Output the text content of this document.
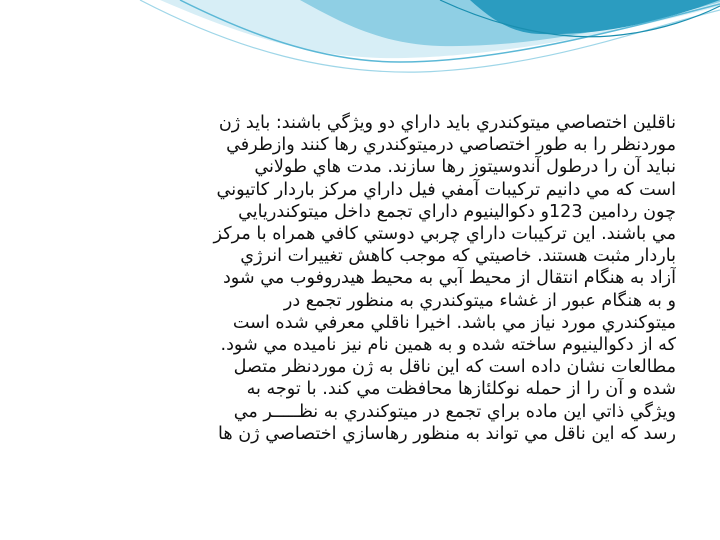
ناقلين اختصاصي ميتوكندري بايد داراي دو ويژگي باشند: بايد ژن
موردنظر را به طور اختصاصي درميتوكندري رها كنند وازطرفي
نبايد آن را درطول آندوسيتوز رها سازند. مدت هاي طولاني
است كه مي دانيم تركيبات آمفي فيل داراي مركز باردار كاتيوني
چون ردامين 123و دكوالينيوم داراي تجمع داخل ميتوكندريايي
مي باشند. اين تركيبات داراي چربي دوستي كافي همراه با مركز
باردار مثبت هستند. خاصيتي كه موجب كاهش تغييرات انرژي
آزاد به هنگام انتقال از محيط آبي به محيط هيدروفوب مي شود
و به هنگام عبور از غشاء ميتوكندري به منظور تجمع در
ميتوكندري مورد نياز مي باشد. اخيرا ناقلي معرفي شده است
كه از دكوالينيوم ساخته شده و به همين نام نيز ناميده مي شود.
مطالعات نشان داده است كه اين ناقل به ژن موردنظر متصل
شده و آن را از حمله نوكلئازها محافظت مي كند. با توجه به
ويژگي ذاتي اين ماده براي تجمع در ميتوكندري به نظـــــر مي
رسد كه اين ناقل مي تواند به منظور رهاسازي اختصاصي ژن ها
